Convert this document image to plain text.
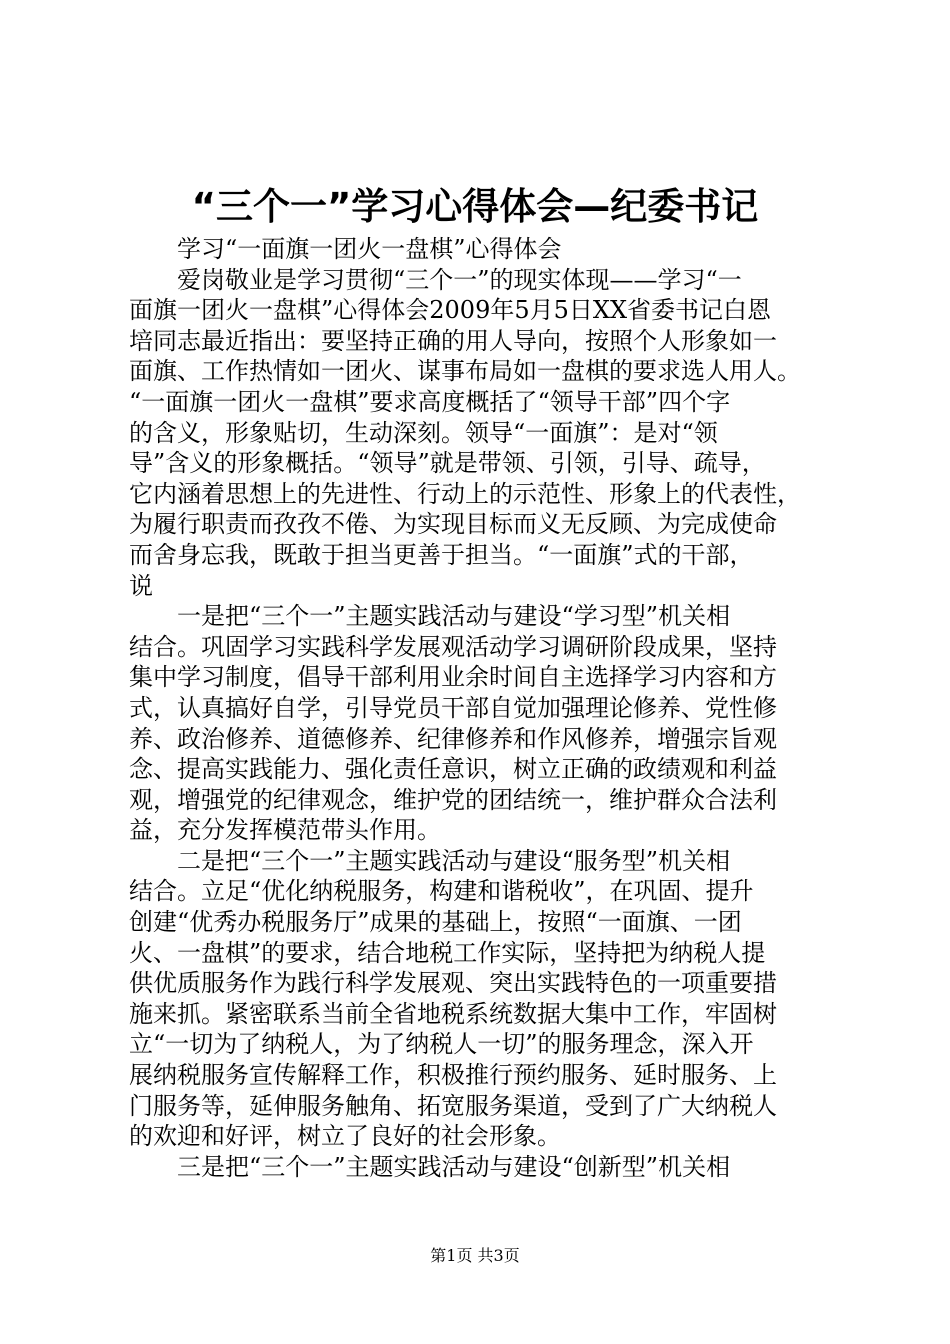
“三个一”学习心得体会—纪委书记
学习“一面旗一团火一盘棋”心得体会
爱岗敬业是学习贯彻“三个一”的现实体现——学习“一
面旗一团火一盘棋”心得体会2009年5月5日XX省委书记白恩
培同志最近指出：要坚持正确的用人导向，按照个人形象如一
面旗、工作热情如一团火、谋事布局如一盘棋的要求选人用人。
“一面旗一团火一盘棋”要求高度概括了“领导干部”四个字
的含义，形象贴切，生动深刻。领导“一面旗”：是对“领
导”含义的形象概括。“领导”就是带领、引领，引导、疏导，
它内涵着思想上的先进性、行动上的示范性、形象上的代表性，
为履行职责而孜孜不倦、为实现目标而义无反顾、为完成使命
而舍身忘我，既敢于担当更善于担当。“一面旗”式的干部，
说
一是把“三个一”主题实践活动与建设“学习型”机关相
结合。巩固学习实践科学发展观活动学习调研阶段成果，坚持
集中学习制度，倡导干部利用业余时间自主选择学习内容和方
式，认真搞好自学，引导党员干部自觉加强理论修养、党性修
养、政治修养、道德修养、纪律修养和作风修养，增强宗旨观
念、提高实践能力、强化责任意识，树立正确的政绩观和利益
观，增强党的纪律观念，维护党的团结统一，维护群众合法利
益，充分发挥模范带头作用。
二是把“三个一”主题实践活动与建设“服务型”机关相
结合。立足“优化纳税服务，构建和谐税收”，在巩固、提升
创建“优秀办税服务厅”成果的基础上，按照“一面旗、一团
火、一盘棋”的要求，结合地税工作实际，坚持把为纳税人提
供优质服务作为践行科学发展观、突出实践特色的一项重要措
施来抓。紧密联系当前全省地税系统数据大集中工作，牢固树
立“一切为了纳税人，为了纳税人一切”的服务理念，深入开
展纳税服务宣传解释工作，积极推行预约服务、延时服务、上
门服务等，延伸服务触角、拓宽服务渠道，受到了广大纳税人
的欢迎和好评，树立了良好的社会形象。
三是把“三个一”主题实践活动与建设“创新型”机关相
第1页 共3页
